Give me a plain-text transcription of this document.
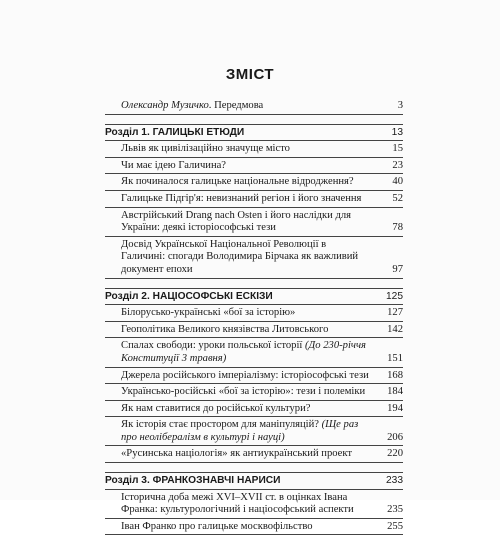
ЗМІСТ
Олександр Музичко. Передмова	3
Розділ 1. ГАЛИЦЬКІ ЕТЮДИ	13
Львів як цивілізаційно значуще місто	15
Чи має ідею Галичина?	23
Як починалося галицьке національне відродження?	40
Галицьке Підгір'я: невизнаний регіон і його значення	52
Австрійський Drang nach Osten і його наслідки для України: деякі історіософські тези	78
Досвід Української Національної Революції в Галичині: спогади Володимира Бірчака як важливий документ епохи	97
Розділ 2. НАЦІОСОФСЬКІ ЕСКІЗИ	125
Білорусько-українські «бої за історію»	127
Геополітика Великого князівства Литовського	142
Спалах свободи: уроки польської історії (До 230-річчя Конституції 3 травня)	151
Джерела російського імперіалізму: історіософські тези	168
Українсько-російські «бої за історію»: тези і полеміки	184
Як нам ставитися до російської культури?	194
Як історія стає простором для маніпуляцій? (Ще раз про неолібералізм в культурі і науці)	206
«Русинська націологія» як антиукраїнський проект	220
Розділ 3. ФРАНКОЗНАВЧІ НАРИСИ	233
Історична доба межі XVI–XVII ст. в оцінках Івана Франка: культурологічний і націософський аспекти	235
Іван Франко про галицьке москвофільство	255
